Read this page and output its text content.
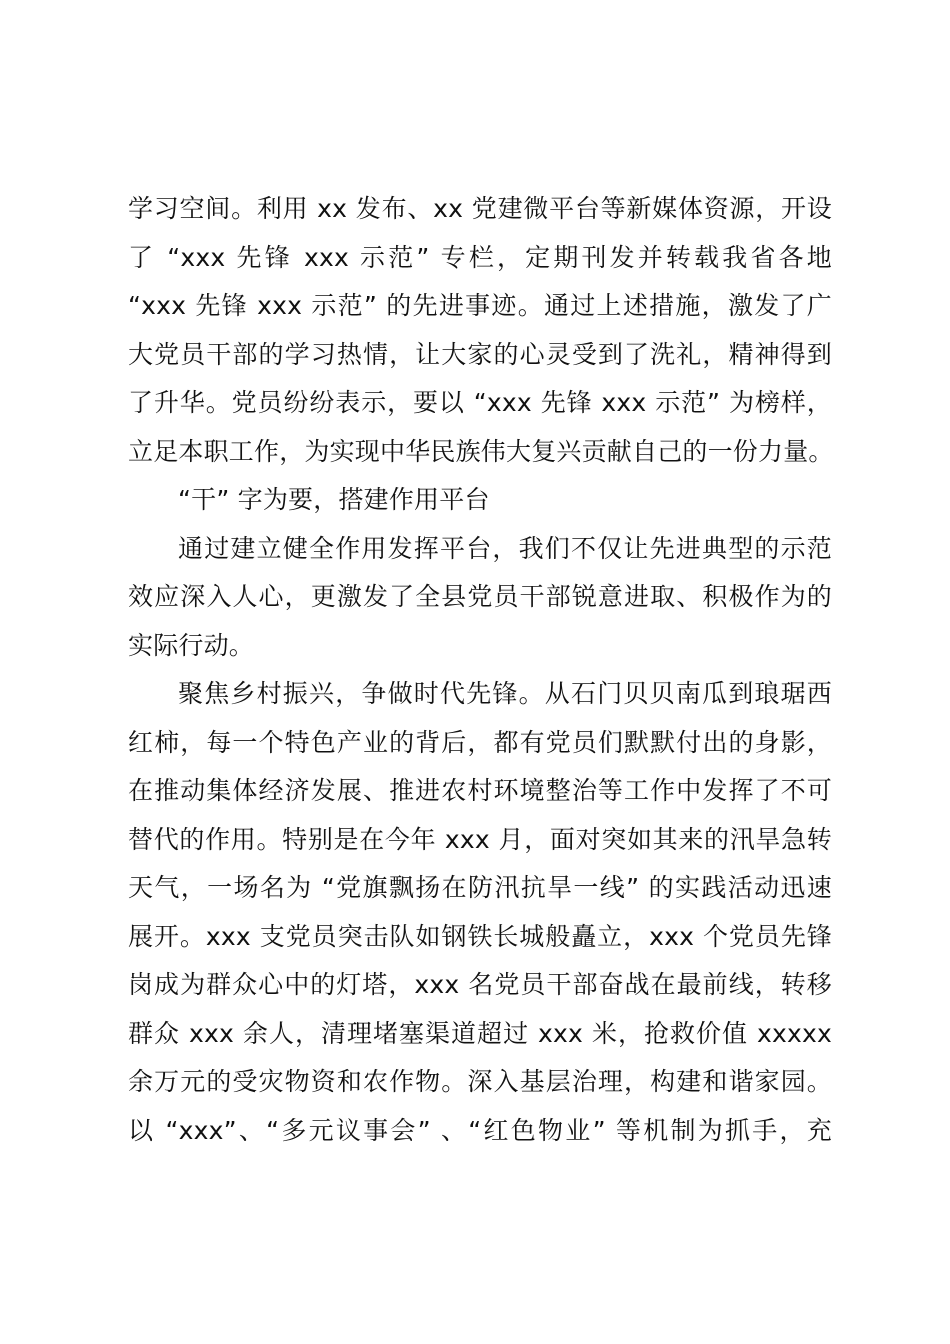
学习空间。利用 xx 发布、xx 党建微平台等新媒体资源，开设
了 “xxx 先锋 xxx 示范” 专栏，定期刊发并转载我省各地
“xxx 先锋 xxx 示范” 的先进事迹。通过上述措施，激发了广
大党员干部的学习热情，让大家的心灵受到了洗礼，精神得到
了升华。党员纷纷表示，要以 “xxx 先锋 xxx 示范” 为榜样，
立足本职工作，为实现中华民族伟大复兴贡献自己的一份力量。
“干” 字为要，搭建作用平台
通过建立健全作用发挥平台，我们不仅让先进典型的示范
效应深入人心，更激发了全县党员干部锐意进取、积极作为的
实际行动。
聚焦乡村振兴，争做时代先锋。从石门贝贝南瓜到琅琚西
红柿，每一个特色产业的背后，都有党员们默默付出的身影，
在推动集体经济发展、推进农村环境整治等工作中发挥了不可
替代的作用。特别是在今年 xxx 月，面对突如其来的汛旱急转
天气，一场名为 “党旗飘扬在防汛抗旱一线” 的实践活动迅速
展开。xxx 支党员突击队如钢铁长城般矗立，xxx 个党员先锋
岗成为群众心中的灯塔，xxx 名党员干部奋战在最前线，转移
群众 xxx 余人，清理堵塞渠道超过 xxx 米，抢救价值 xxxxx
余万元的受灾物资和农作物。深入基层治理，构建和谐家园。
以 “xxx”、“多元议事会” 、“红色物业” 等机制为抓手，充
